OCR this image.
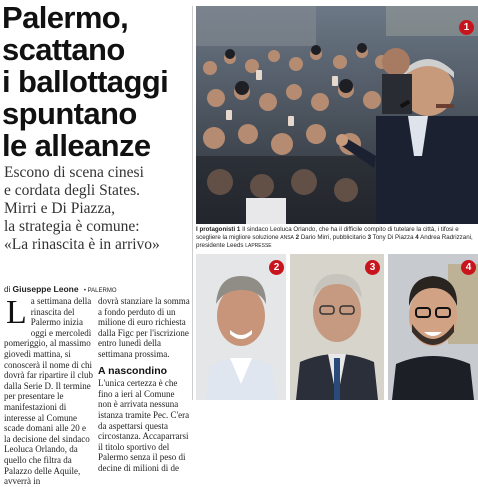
Palermo,
scattano
i ballottaggi
spuntano
le alleanze
Escono di scena cinesi
e cordata degli States.
Mirri e Di Piazza,
la strategia è comune:
«La rinascita è in arrivo»
di Giuseppe Leone • PALERMO
L a settimana della rinascita del Palermo inizia oggi e mercoledì pomeriggio, al massimo giovedì mattina, si conoscerà il nome di chi dovrà far ripartire il club dalla Serie D. Il termine per presentare le manifestazioni di interesse al Comune scade domani alle 20 e la decisione del sindaco Leoluca Orlando, da quello che filtra da Palazzo delle Aquile, avverrà in
dovrà stanziare la somma a fondo perduto di un milione di euro richiesta dalla Figc per l'iscrizione entro lunedì della settimana prossima.
A nascondino
L'unica certezza è che fino a ieri al Comune non è arrivata nessuna istanza tramite Pec. C'era da aspettarsi questa circostanza. Accaparrarsi il titolo sportivo del Palermo senza il peso di decine di milioni di de
1
I protagonisti 1 Il sindaco Leoluca Orlando, che ha il difficile compito di tutelare la città, i tifosi e scegliere la migliore soluzione ANSA 2 Dario Mirri, pubblicitario 3 Tony Di Piazza 4 Andrea Radrizzani, presidente Leeds LAPRESSE
2	3	4
